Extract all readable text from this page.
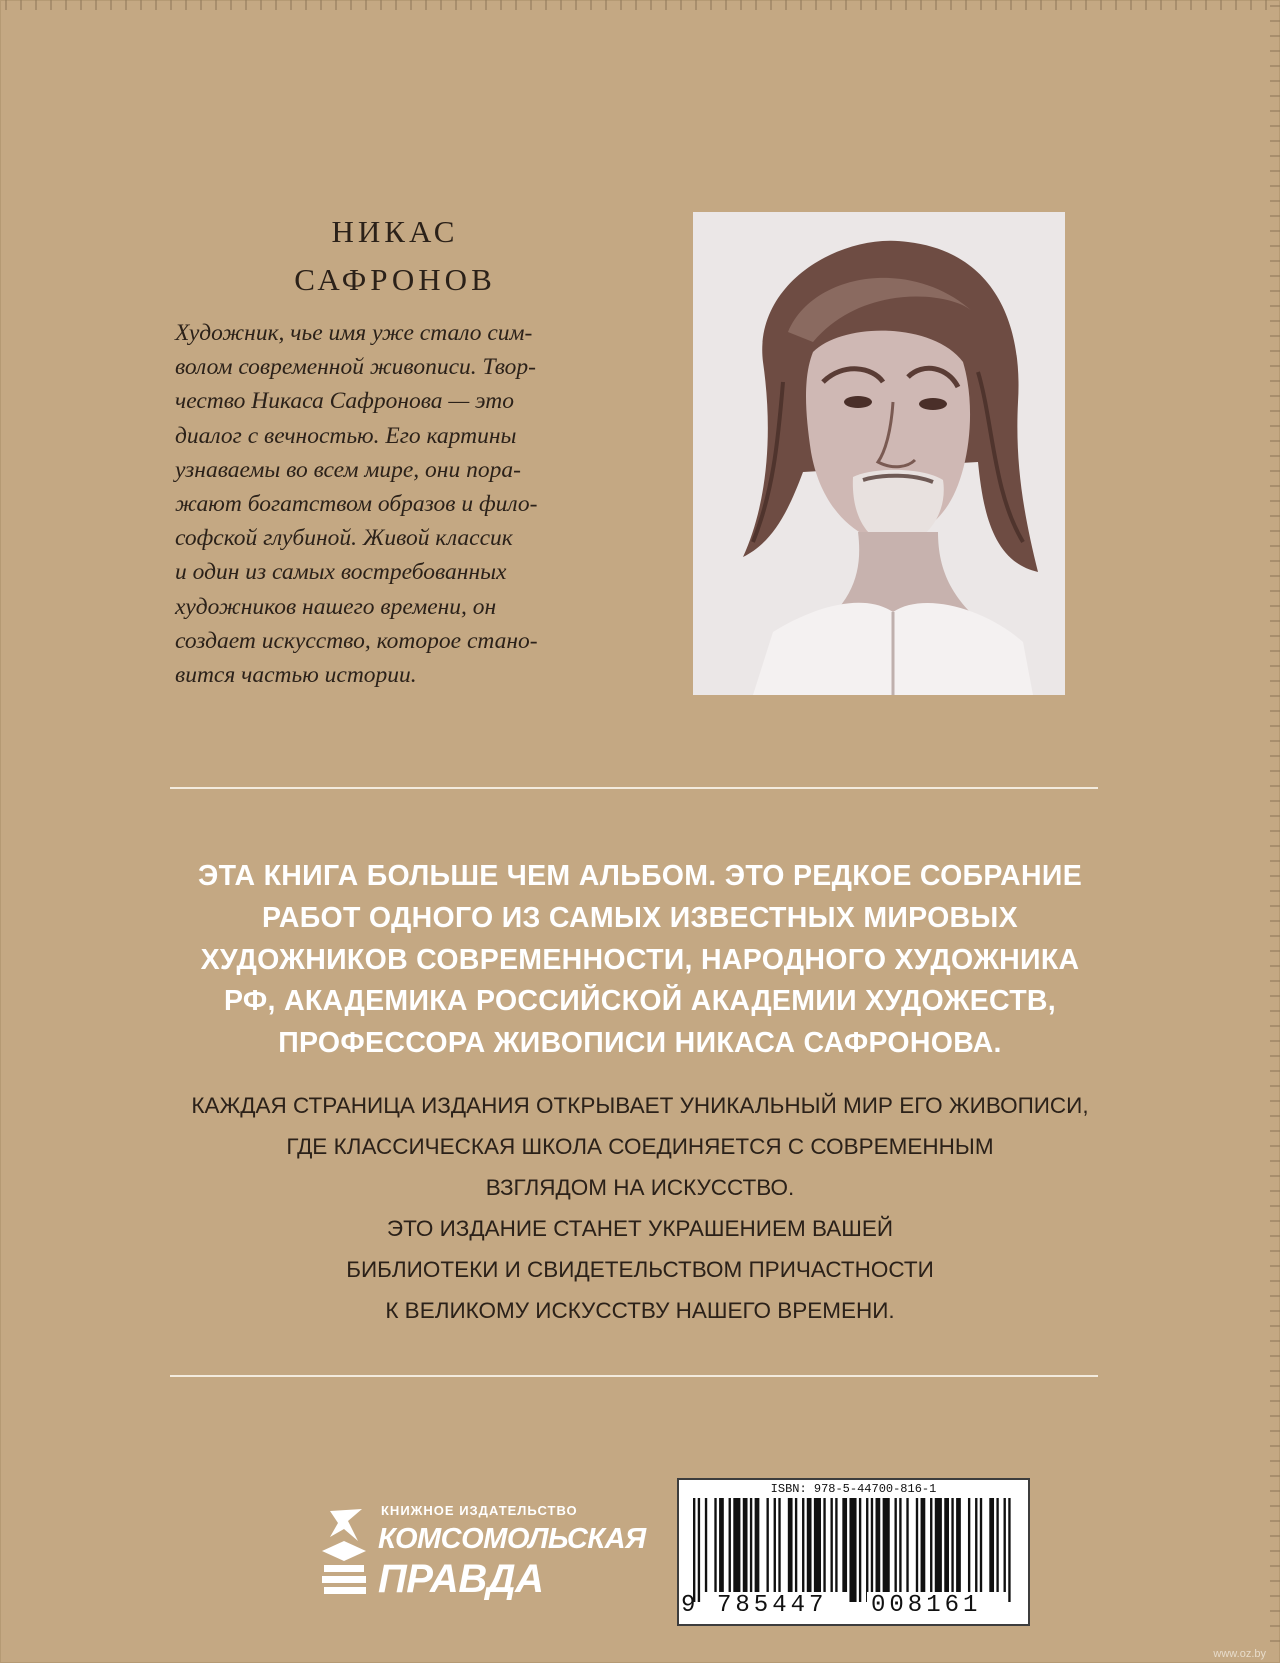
НИКАС
САФРОНОВ
Художник, чье имя уже стало сим-
волом современной живописи. Твор-
чество Никаса Сафронова — это
диалог с вечностью. Его картины
узнаваемы во всем мире, они пора-
жают богатством образов и фило-
софской глубиной. Живой классик
и один из самых востребованных
художников нашего времени, он
создает искусство, которое стано-
вится частью истории.
ЭТА КНИГА БОЛЬШЕ ЧЕМ АЛЬБОМ. ЭТО РЕДКОЕ СОБРАНИЕ
РАБОТ ОДНОГО ИЗ САМЫХ ИЗВЕСТНЫХ МИРОВЫХ
ХУДОЖНИКОВ СОВРЕМЕННОСТИ, НАРОДНОГО ХУДОЖНИКА
РФ, АКАДЕМИКА РОССИЙСКОЙ АКАДЕМИИ ХУДОЖЕСТВ,
ПРОФЕССОРА ЖИВОПИСИ НИКАСА САФРОНОВА.
КАЖДАЯ СТРАНИЦА ИЗДАНИЯ ОТКРЫВАЕТ УНИКАЛЬНЫЙ МИР ЕГО ЖИВОПИСИ,
ГДЕ КЛАССИЧЕСКАЯ ШКОЛА СОЕДИНЯЕТСЯ С СОВРЕМЕННЫМ
ВЗГЛЯДОМ НА ИСКУССТВО.
ЭТО ИЗДАНИЕ СТАНЕТ УКРАШЕНИЕМ ВАШЕЙ
БИБЛИОТЕКИ И СВИДЕТЕЛЬСТВОМ ПРИЧАСТНОСТИ
К ВЕЛИКОМУ ИСКУССТВУ НАШЕГО ВРЕМЕНИ.
КНИЖНОЕ ИЗДАТЕЛЬСТВО
КОМСОМОЛЬСКАЯ
ПРАВДА
ISBN: 978-5-44700-816-1
9 785447 008161
www.oz.by
